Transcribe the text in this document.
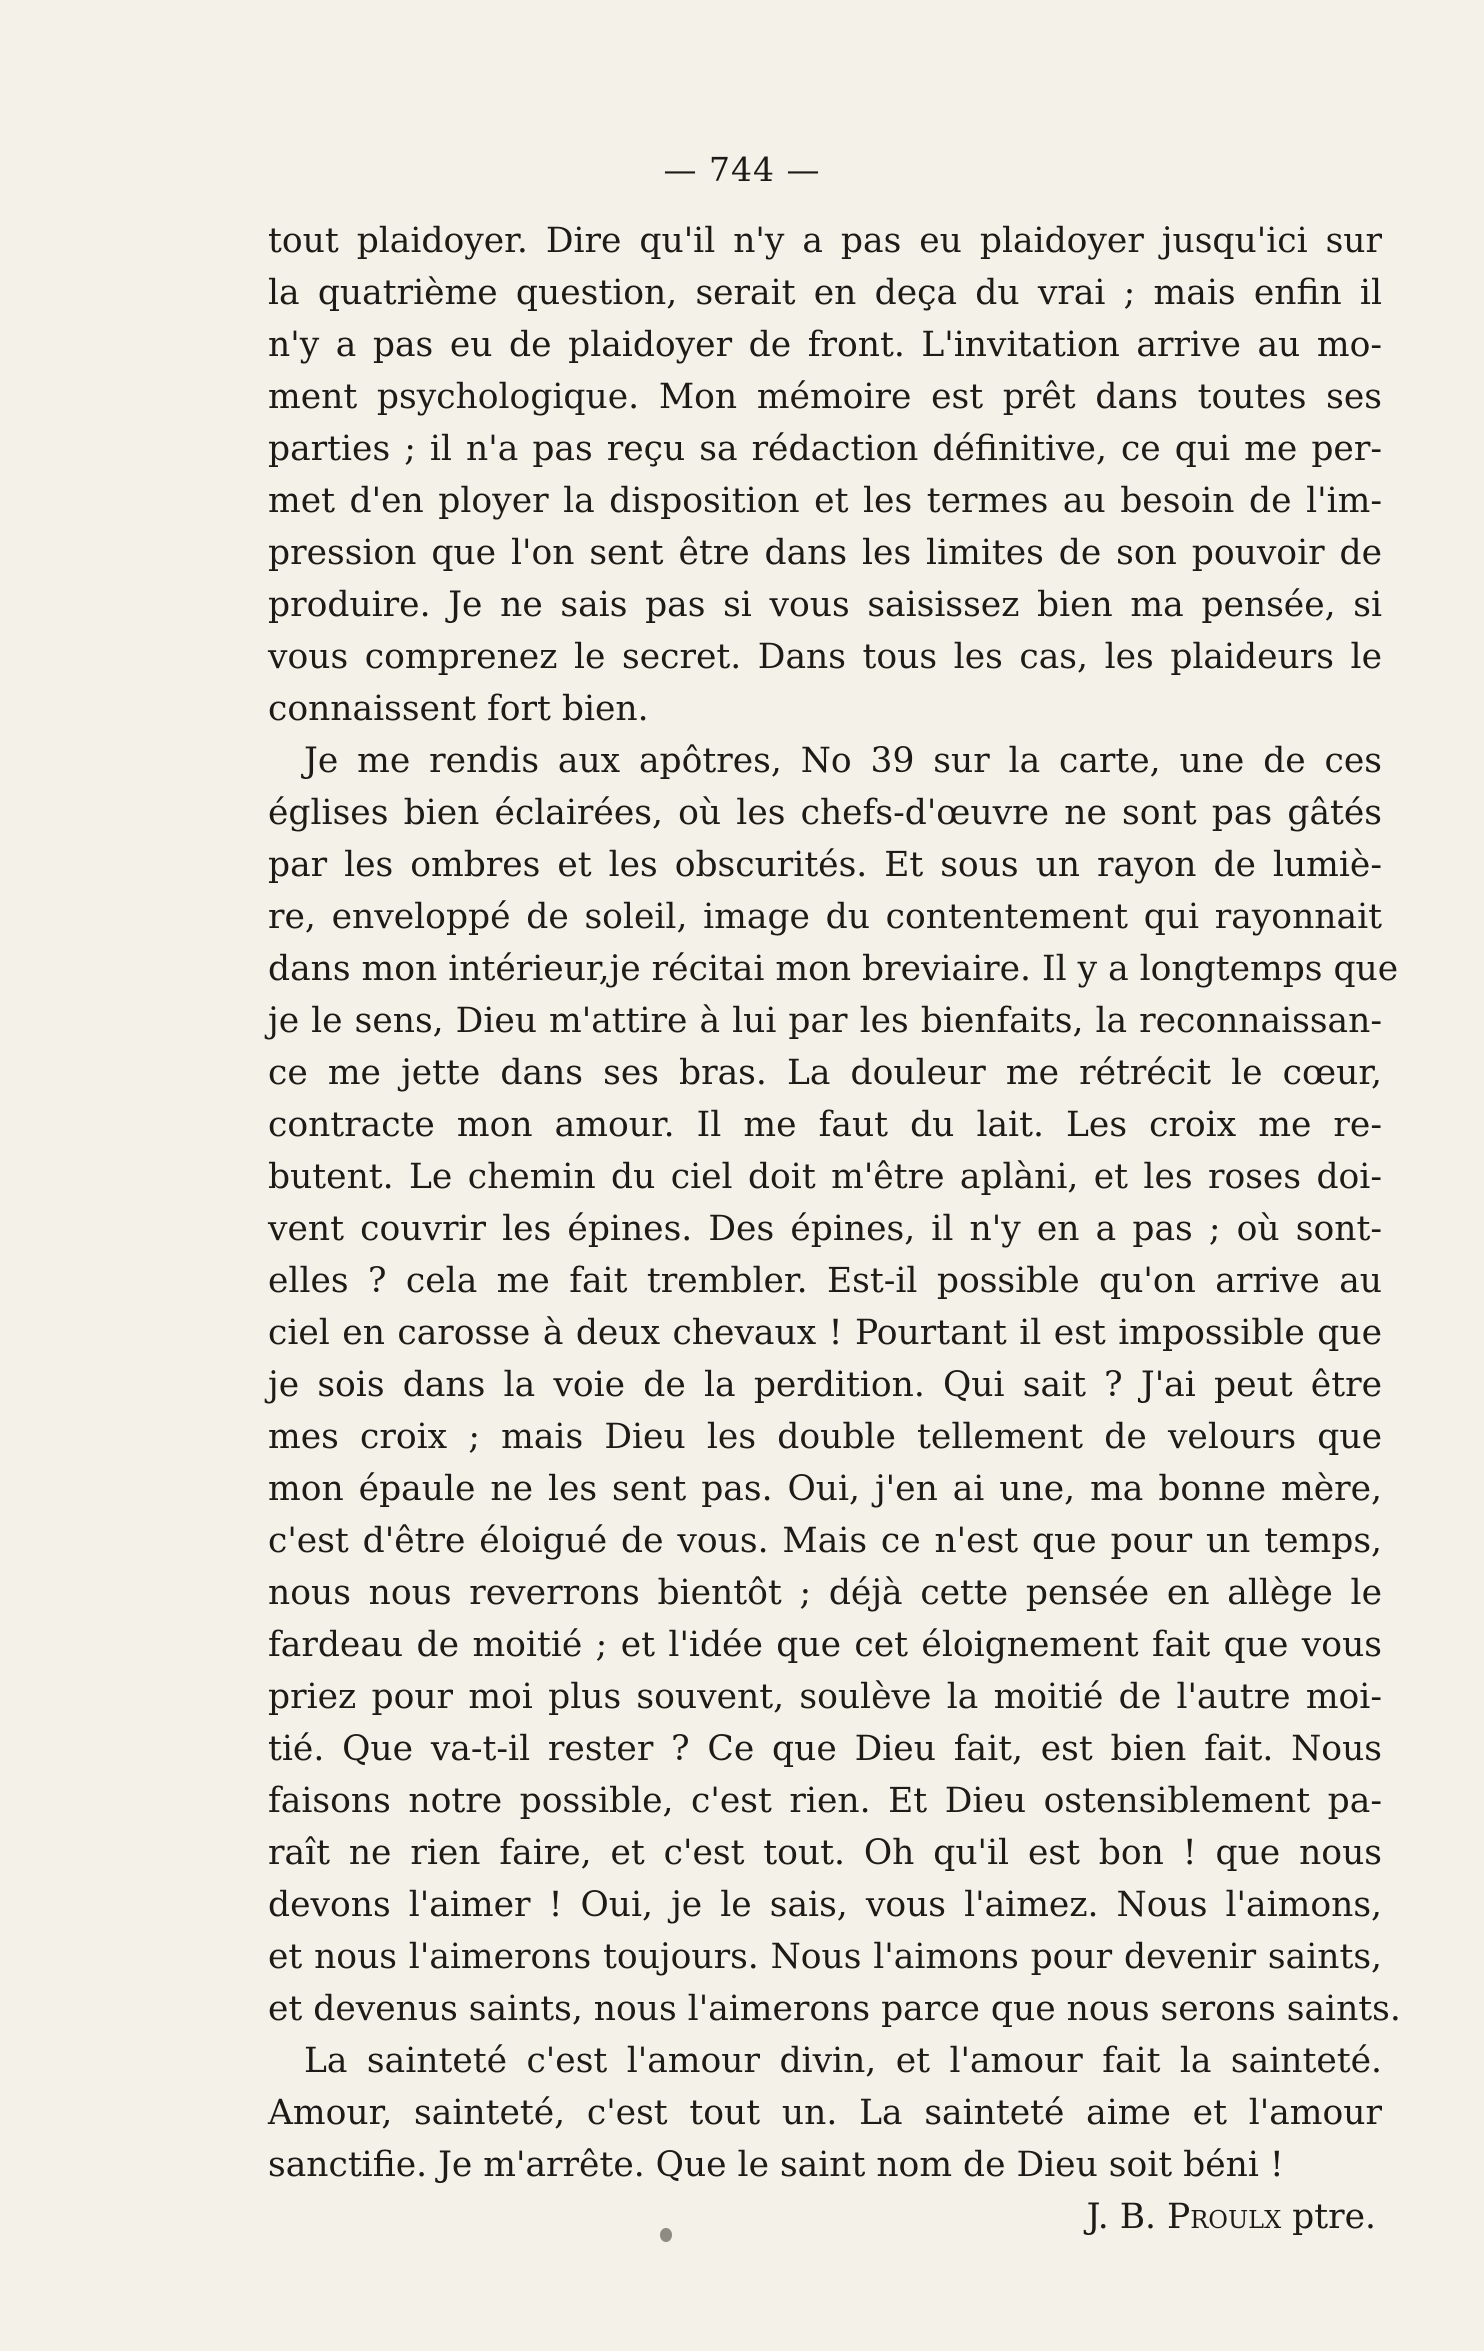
— 744 —
tout plaidoyer. Dire qu'il n'y a pas eu plaidoyer jusqu'ici sur
la quatrième question, serait en deça du vrai ; mais enfin il
n'y a pas eu de plaidoyer de front. L'invitation arrive au mo-
ment psychologique. Mon mémoire est prêt dans toutes ses
parties ; il n'a pas reçu sa rédaction définitive, ce qui me per-
met d'en ployer la disposition et les termes au besoin de l'im-
pression que l'on sent être dans les limites de son pouvoir de
produire. Je ne sais pas si vous saisissez bien ma pensée, si
vous comprenez le secret. Dans tous les cas, les plaideurs le
connaissent fort bien.
Je me rendis aux apôtres, No 39 sur la carte, une de ces
églises bien éclairées, où les chefs-d'œuvre ne sont pas gâtés
par les ombres et les obscurités. Et sous un rayon de lumiè-
re, enveloppé de soleil, image du contentement qui rayonnait
dans mon intérieur,je récitai mon breviaire. Il y a longtemps que
je le sens, Dieu m'attire à lui par les bienfaits, la reconnaissan-
ce me jette dans ses bras. La douleur me rétrécit le cœur,
contracte mon amour. Il me faut du lait. Les croix me re-
butent. Le chemin du ciel doit m'être aplàni, et les roses doi-
vent couvrir les épines. Des épines, il n'y en a pas ; où sont-
elles ? cela me fait trembler. Est-il possible qu'on arrive au
ciel en carosse à deux chevaux ! Pourtant il est impossible que
je sois dans la voie de la perdition. Qui sait ? J'ai peut être
mes croix ; mais Dieu les double tellement de velours que
mon épaule ne les sent pas. Oui, j'en ai une, ma bonne mère,
c'est d'être éloigué de vous. Mais ce n'est que pour un temps,
nous nous reverrons bientôt ; déjà cette pensée en allège le
fardeau de moitié ; et l'idée que cet éloignement fait que vous
priez pour moi plus souvent, soulève la moitié de l'autre moi-
tié. Que va-t-il rester ? Ce que Dieu fait, est bien fait. Nous
faisons notre possible, c'est rien. Et Dieu ostensiblement pa-
raît ne rien faire, et c'est tout. Oh qu'il est bon ! que nous
devons l'aimer ! Oui, je le sais, vous l'aimez. Nous l'aimons,
et nous l'aimerons toujours. Nous l'aimons pour devenir saints,
et devenus saints, nous l'aimerons parce que nous serons saints.
La sainteté c'est l'amour divin, et l'amour fait la sainteté.
Amour, sainteté, c'est tout un. La sainteté aime et l'amour
sanctifie. Je m'arrête. Que le saint nom de Dieu soit béni !
J. B. Proulx ptre.
